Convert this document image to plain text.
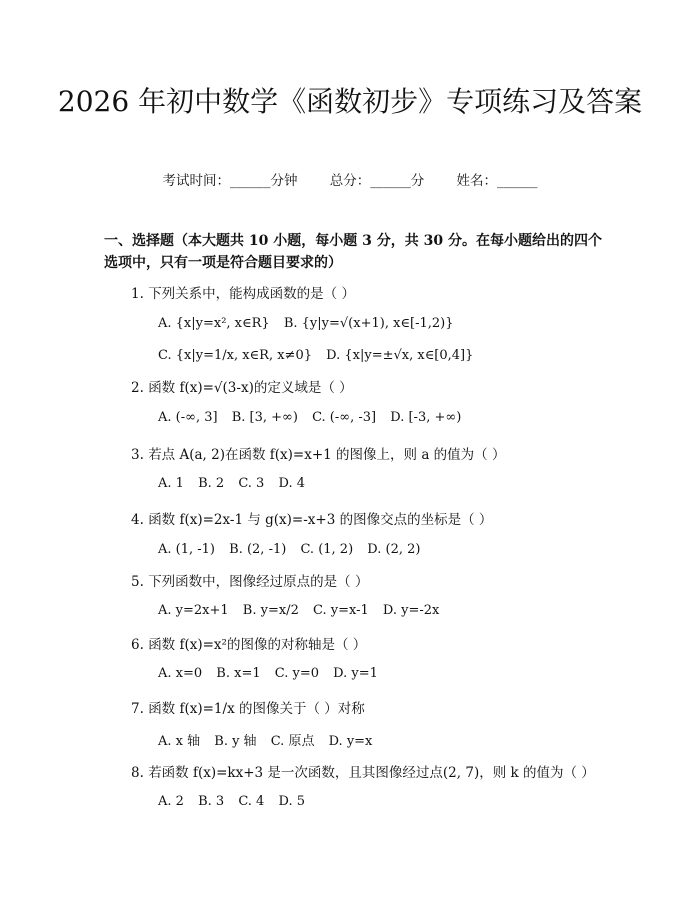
2026 年初中数学《函数初步》专项练习及答案
考试时间：______分钟 总分：______分 姓名：______

一、选择题（本大题共 10 小题，每小题 3 分，共 30 分。在每小题给出的四个选项中，只有一项是符合题目要求的）

1. 下列关系中，能构成函数的是（ ）
A. {x|y=x², x∈R} B. {y|y=√(x+1), x∈[-1,2)}
C. {x|y=1/x, x∈R, x≠0} D. {x|y=±√x, x∈[0,4]}
2. 函数 f(x)=√(3-x)的定义域是（ ）
A. (-∞, 3] B. [3, +∞) C. (-∞, -3] D. [-3, +∞)
3. 若点 A(a, 2)在函数 f(x)=x+1 的图像上，则 a 的值为（ ）
A. 1 B. 2 C. 3 D. 4
4. 函数 f(x)=2x-1 与 g(x)=-x+3 的图像交点的坐标是（ ）
A. (1, -1) B. (2, -1) C. (1, 2) D. (2, 2)
5. 下列函数中，图像经过原点的是（ ）
A. y=2x+1 B. y=x/2 C. y=x-1 D. y=-2x
6. 函数 f(x)=x²的图像的对称轴是（ ）
A. x=0 B. x=1 C. y=0 D. y=1
7. 函数 f(x)=1/x 的图像关于（ ）对称
A. x 轴 B. y 轴 C. 原点 D. y=x
8. 若函数 f(x)=kx+3 是一次函数，且其图像经过点(2, 7)，则 k 的值为（ ）
A. 2 B. 3 C. 4 D. 5
